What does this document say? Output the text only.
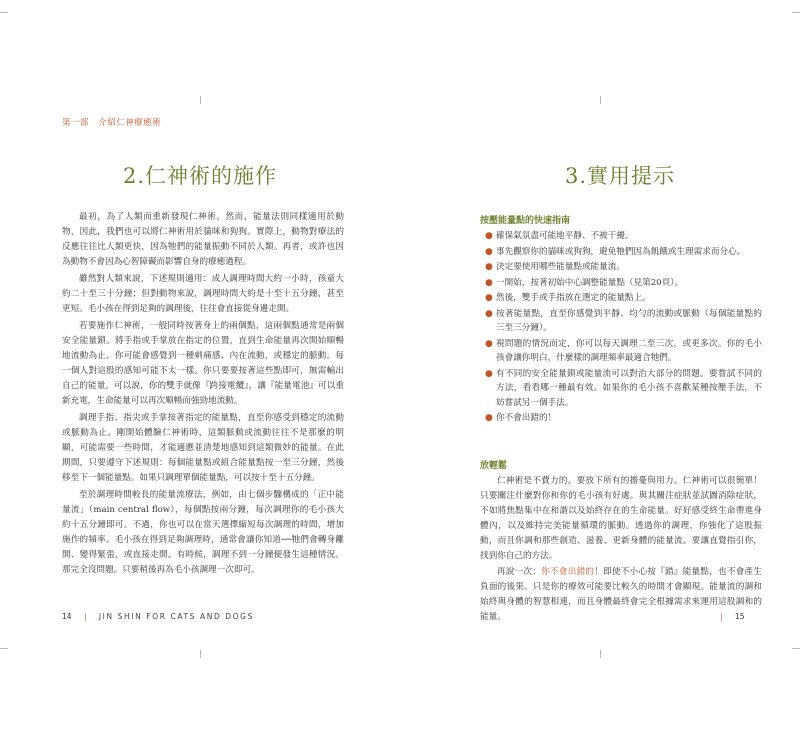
第一部 介紹仁神療癒術
2.仁神術的施作

最初，為了人類而重新發現仁神術。然而，能量法則同樣適用於動物，因此，我們也可以將仁神術用於貓咪和狗狗。實際上，動物對療法的反應往往比人類更快，因為牠們的能量振動不同於人類。再者，或許也因為動物不會因為心智障礙而影響自身的療癒過程。

雖然對人類來說，下述規則適用：成人調理時間大約一小時，孩童大約二十至三十分鐘；但對動物來說，調理時間大約是十至十五分鐘，甚至更短。毛小孩在得到足夠的調理後，往往會直接從身邊走開。

若要施作仁神術，一般同時按著身上的兩個點，這兩個點通常是兩個安全能量鎖。將手指或手掌放在指定的位置，直到生命能量再次開始順暢地流動為止。你可能會感覺到一種刺痛感、內在流動，或穩定的脈動。每一個人對這股的感知可能不太一樣。你只要要按著這些點即可，無需輸出自己的能量。可以說，你的雙手就像『跨接電纜』，讓『能量電池』可以重新充電，生命能量可以再次順暢而強勁地流動。

調理手指、指尖或手掌按著指定的能量點，直至你感受到穩定的流動或脈動為止。剛開始體驗仁神術時，這類脈動或流動往往不是那麼的明顯，可能需要一些時間，才能適應並清楚地感知到這類微妙的能量。在此期間，只要遵守下述規則：每個能量點或組合能量點按一至三分鐘，然後移至下一個能量點。如果只調理單個能量點，可以按十至十五分鐘。

至於調理時間較長的能量流療法，例如，由七個步驟構成的「正中能量流」（main central flow），每個點按兩分鐘，每次調理你的毛小孩大約十五分鐘即可。不過，你也可以在當天選擇縮短每次調理的時間，增加施作的頻率。毛小孩在得到足夠調理時，通常會讓你知道──牠們會轉身離開、變得緊張，或直接走開。有時候，調理不到一分鐘便發生這種情況。那完全沒問題。只要稍後再為毛小孩調理一次即可。

14 | JIN SHIN FOR CATS AND DOGS
3.實用提示
按壓能量點的快速指南
● 確保氣氛盡可能地平靜、不被干擾。
● 事先觀察你的貓咪或狗狗，避免牠們因為飢餓或生理需求而分心。
● 決定要使用哪些能量點或能量流。
● 一開始，按著初始中心調整能量點（見第20頁）。
● 然後，雙手或手指放在選定的能量點上。
● 按著能量點，直至你感覺到平靜、均勻的流動或脈動（每個能量點約三至三分鐘）。
● 視問題的情況而定，你可以每天調理二至三次，或更多次。你的毛小孩會讓你明白，什麼樣的調理頻率最適合牠們。
● 有不同的安全能量鎖或能量流可以對治大部分的問題。要嘗試不同的方法，看看哪一種最有效。如果你的毛小孩不喜歡某種按壓手法，不妨嘗試另一個手法。
● 你不會出錯的！
放輕鬆

仁神術是不費力的。要放下所有的擔憂與用力。仁神術可以很簡單！只要關注什麼對你和你的毛小孩有好處。與其關注症狀並試圖消除症狀，不如將焦點集中在和諧以及始終存在的生命能量。好好感受終生命帶進身體內，以及維持完美能量循環的脈動。透過你的調理，你強化了這股振動，而且你調和那些創造、滋養、更新身體的能量流。要讓直覺指引你，找到你自己的方法。

再說一次：你不會出錯的！即使不小心按『錯』能量點，也不會產生負面的後果。只是你的療效可能要比較久的時間才會顯現。能量流的調和始終與身體的智慧相連，而且身體最終會完全根據需求來運用這股調和的能量。	| 15
